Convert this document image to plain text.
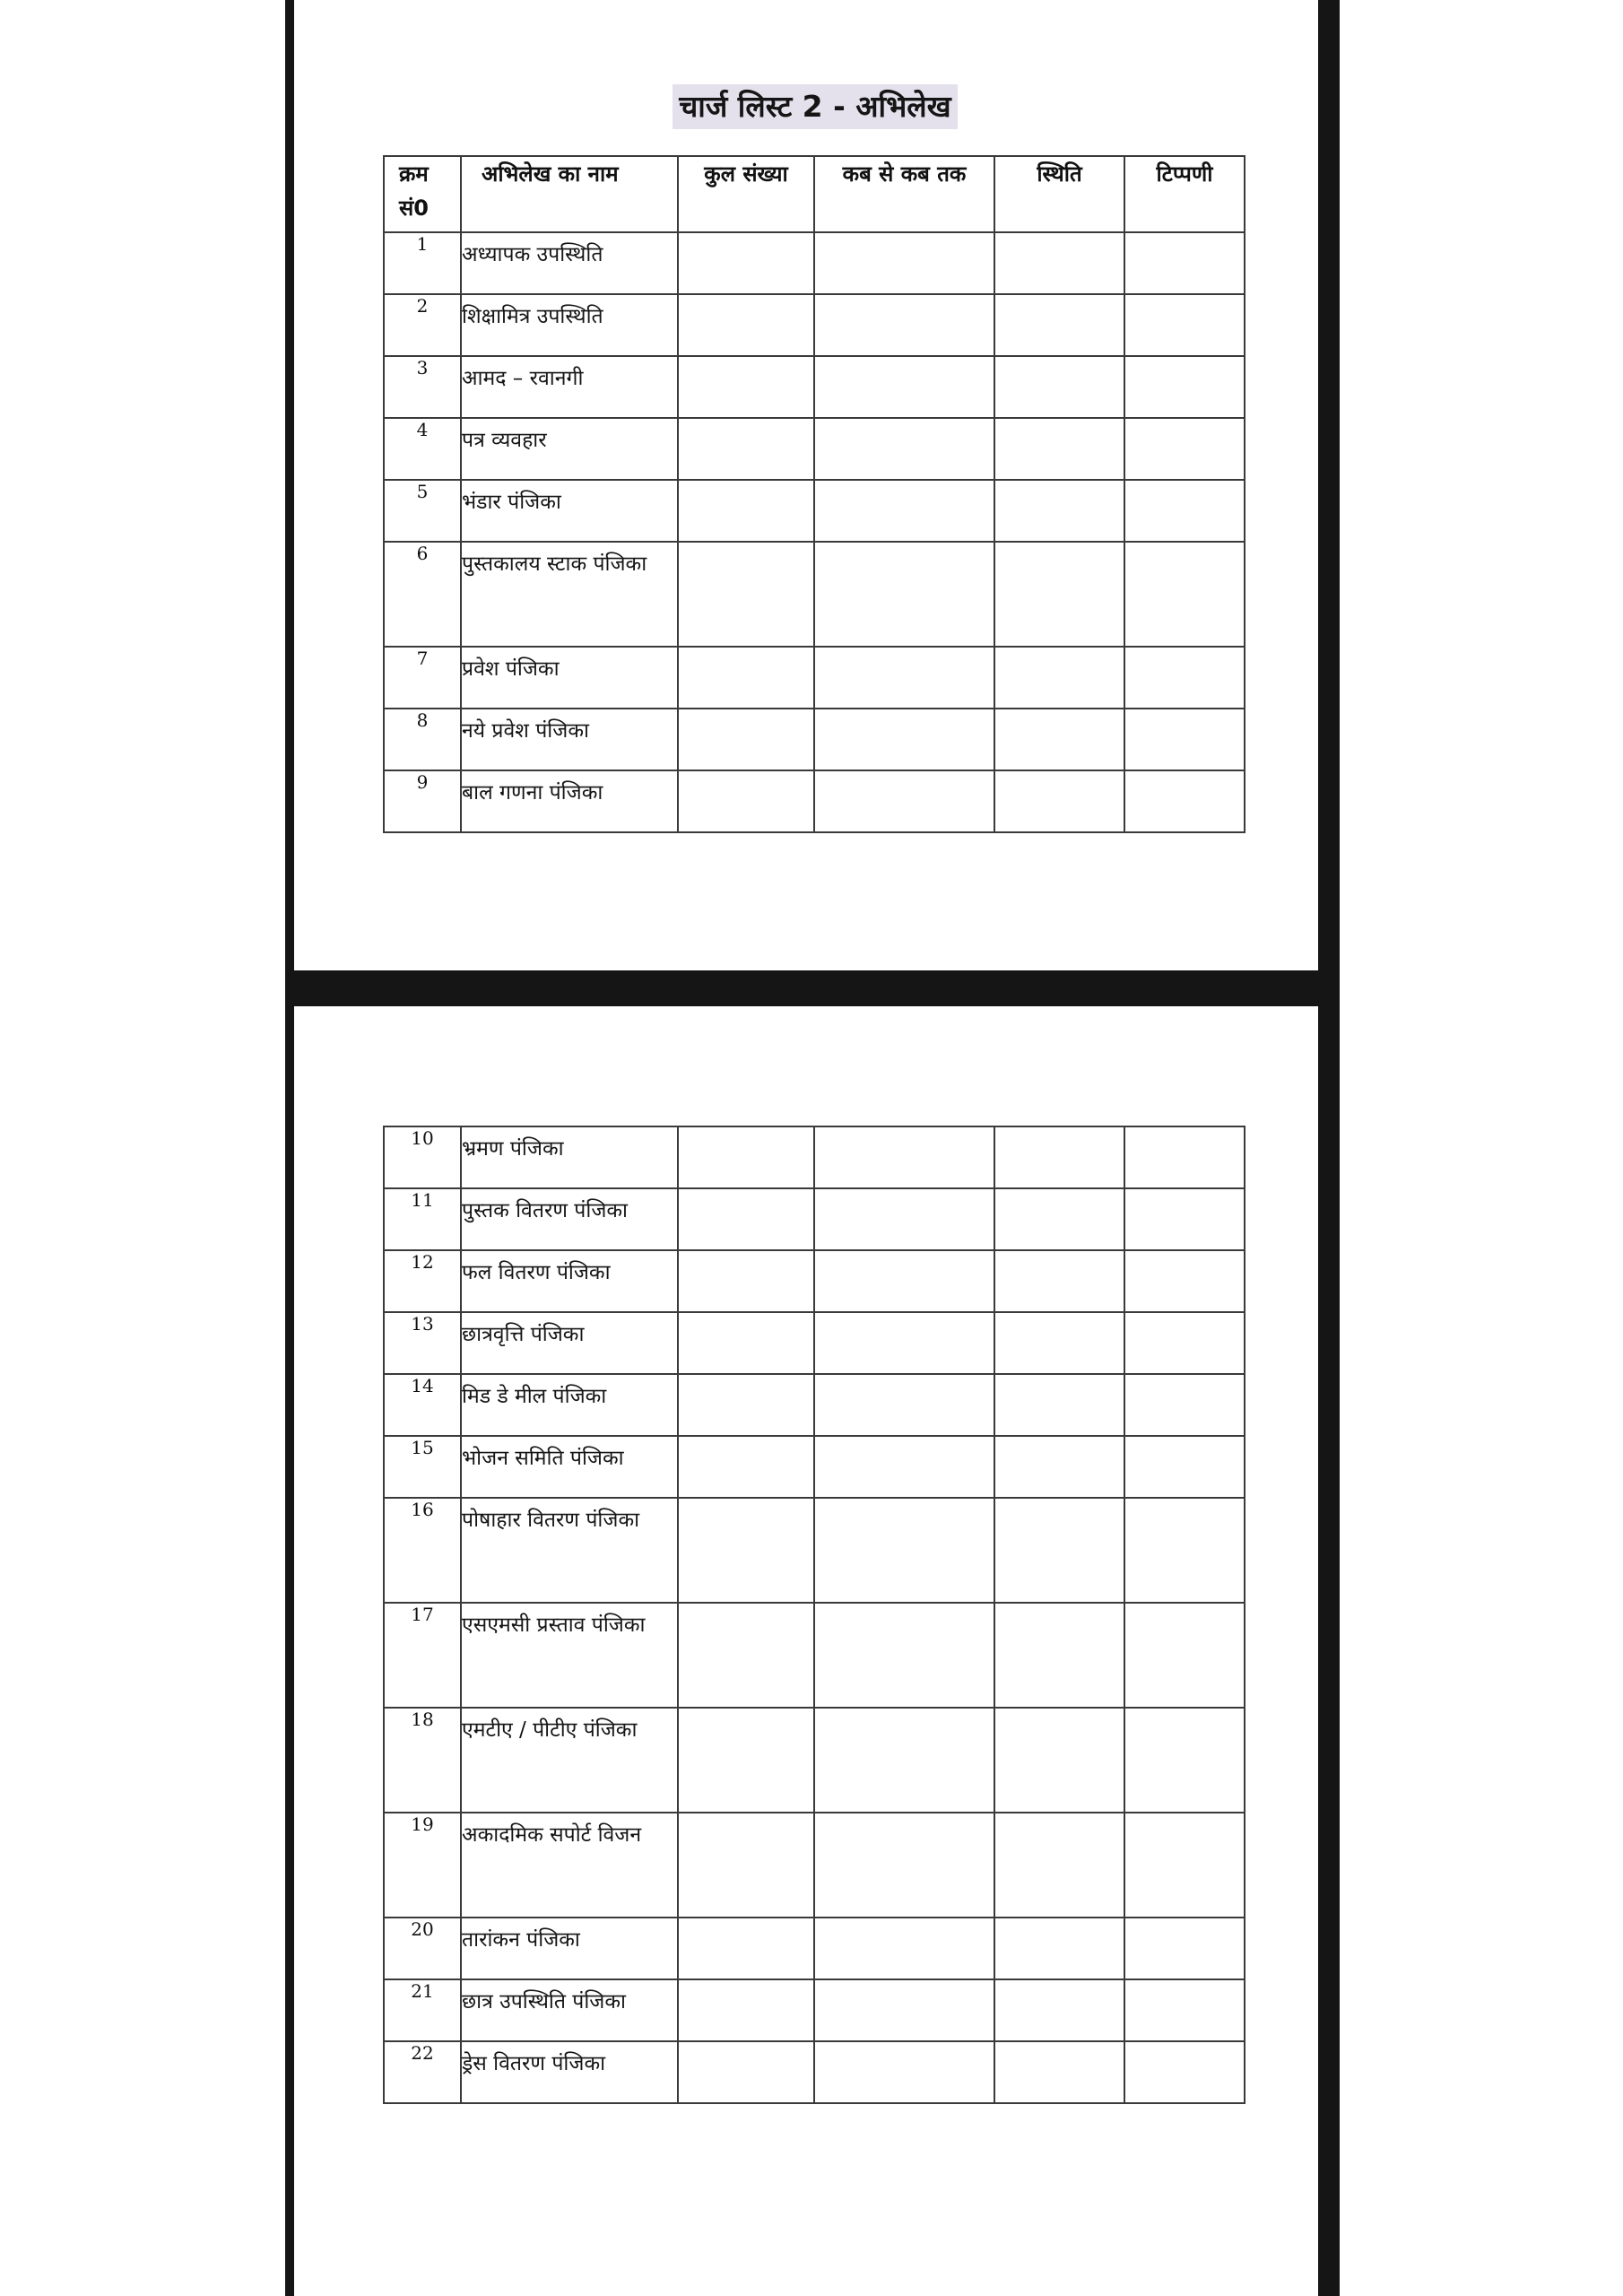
चार्ज लिस्ट 2 - अभिलेख
क्रम सं0	अभिलेख का नाम	कुल संख्या	कब से कब तक	स्थिति	टिप्पणी
1	अध्यापक उपस्थिति				
2	शिक्षामित्र उपस्थिति				
3	आमद – रवानगी				
4	पत्र व्यवहार				
5	भंडार पंजिका				
6	पुस्तकालय स्टाक पंजिका				
7	प्रवेश पंजिका				
8	नये प्रवेश पंजिका				
9	बाल गणना पंजिका				
10	भ्रमण पंजिका				
11	पुस्तक वितरण पंजिका				
12	फल वितरण पंजिका				
13	छात्रवृत्ति पंजिका				
14	मिड डे मील पंजिका				
15	भोजन समिति पंजिका				
16	पोषाहार वितरण पंजिका				
17	एसएमसी प्रस्ताव पंजिका				
18	एमटीए / पीटीए पंजिका				
19	अकादमिक सपोर्ट विजन				
20	तारांकन पंजिका				
21	छात्र उपस्थिति पंजिका				
22	ड्रेस वितरण पंजिका				
